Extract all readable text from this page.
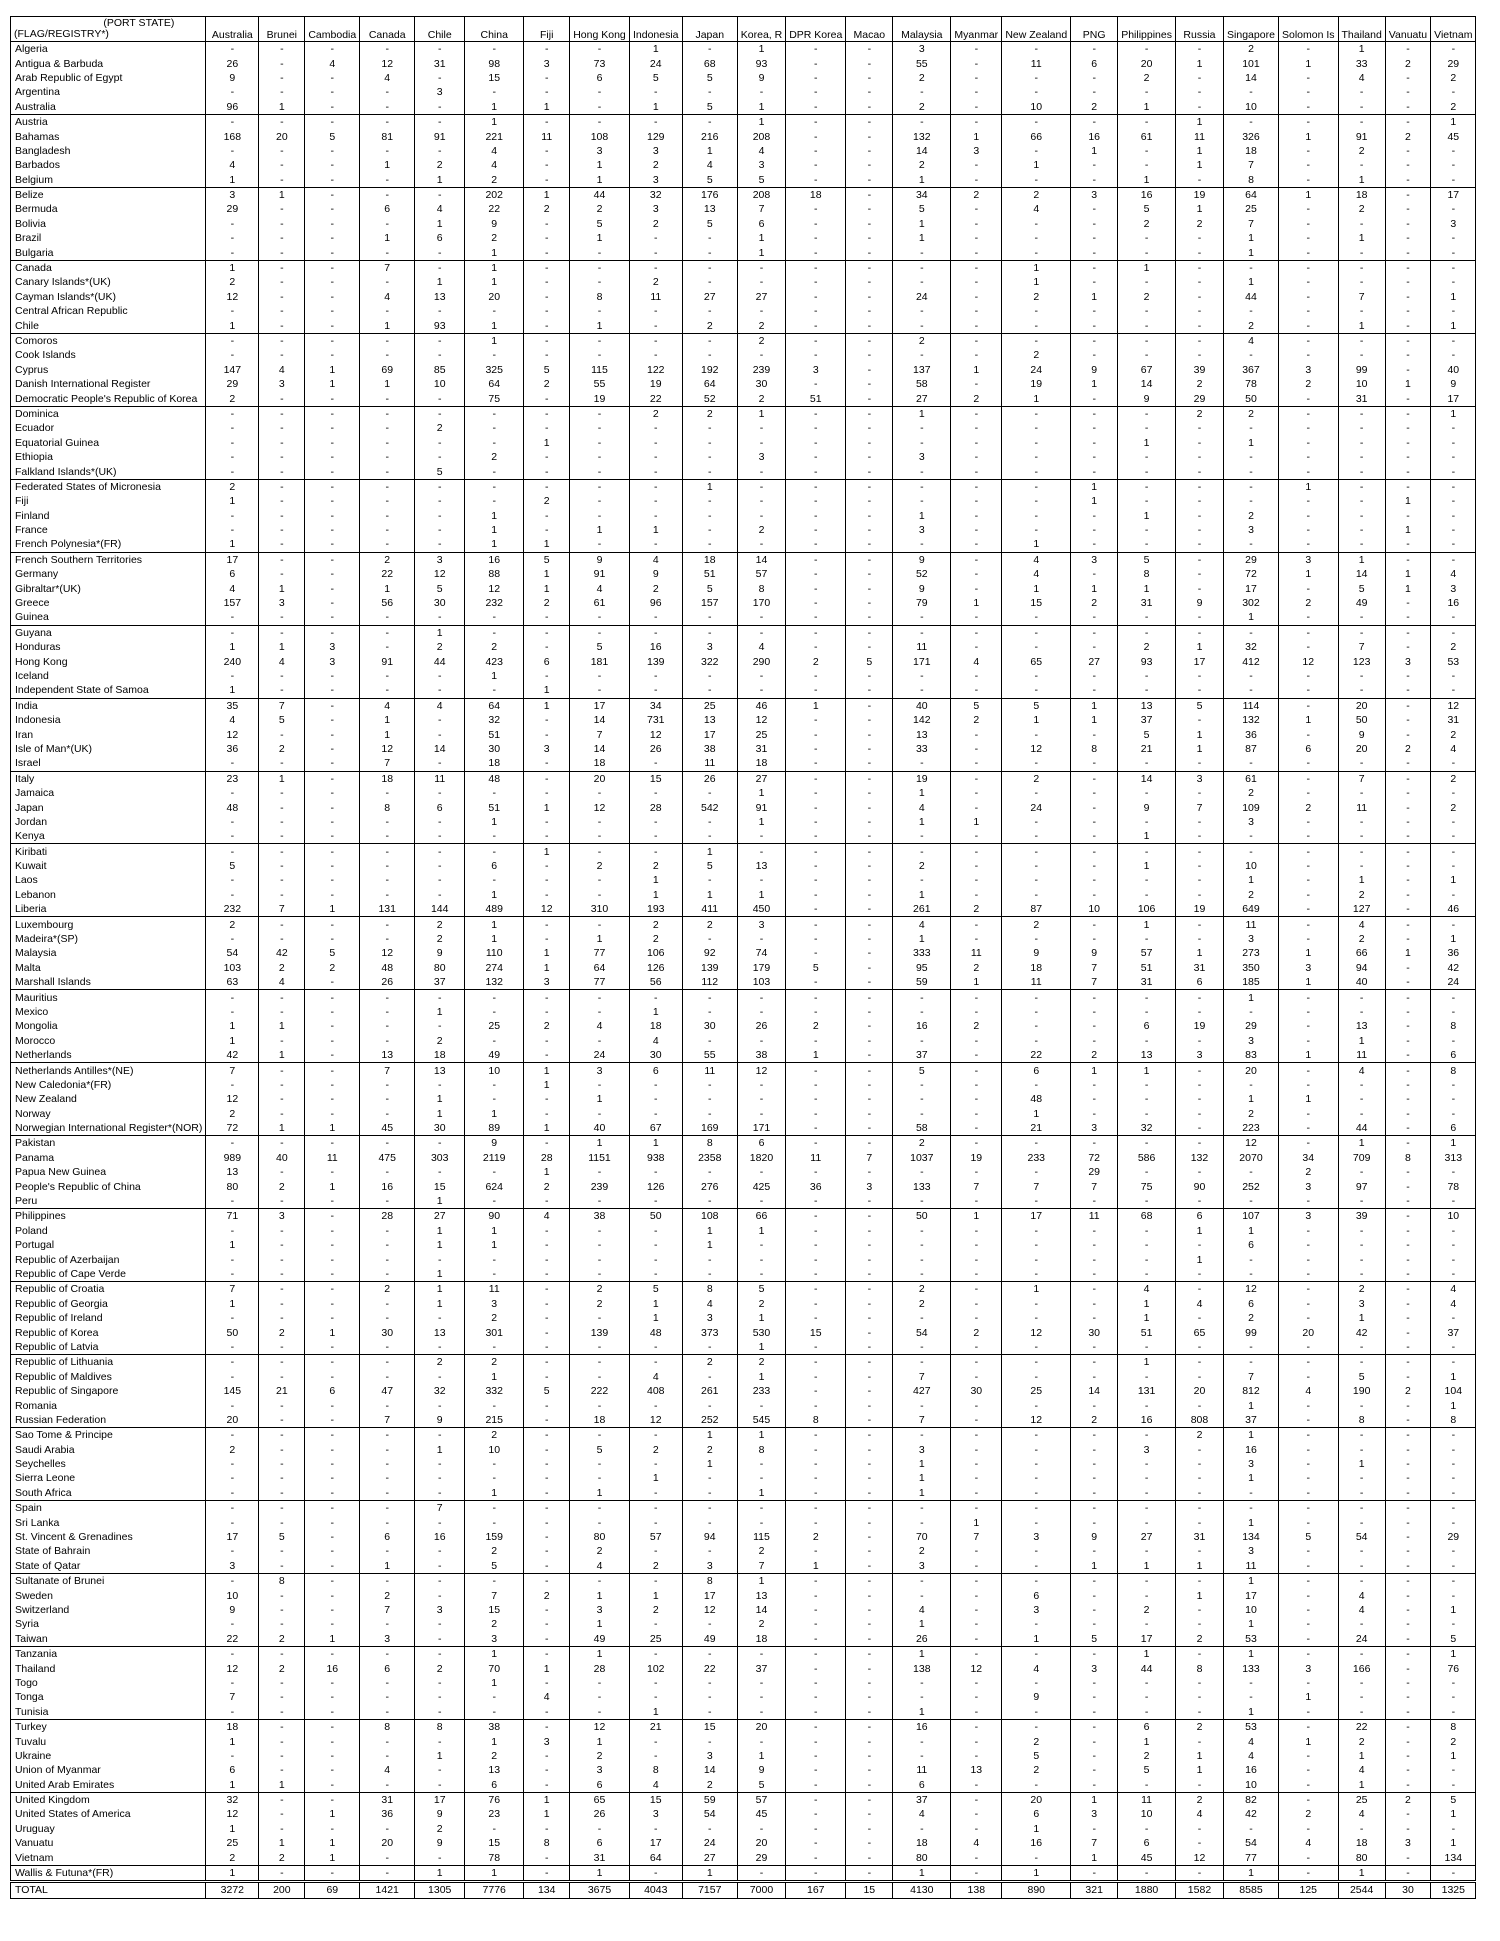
(PORT STATE)
(FLAG/REGISTRY*)	Australia	Brunei	Cambodia	Canada	Chile	China	Fiji	Hong Kong	Indonesia	Japan	Korea, R	DPR Korea	Macao	Malaysia	Myanmar	New Zealand	PNG	Philippines	Russia	Singapore	Solomon Is	Thailand	Vanuatu	Vietnam
Algeria	-	-	-	-	-	-	-	-	1	-	1	-	-	3	-	-	-	-	-	2	-	1	-	-
Antigua & Barbuda	26	-	4	12	31	98	3	73	24	68	93	-	-	55	-	11	6	20	1	101	1	33	2	29
Arab Republic of Egypt	9	-	-	4	-	15	-	6	5	5	9	-	-	2	-	-	-	2	-	14	-	4	-	2
Argentina	-	-	-	-	3	-	-	-	-	-	-	-	-	-	-	-	-	-	-	-	-	-	-	-
Australia	96	1	-	-	-	1	1	-	1	5	1	-	-	2	-	10	2	1	-	10	-	-	-	2
Austria	-	-	-	-	-	1	-	-	-	-	1	-	-	-	-	-	-	-	1	-	-	-	-	1
Bahamas	168	20	5	81	91	221	11	108	129	216	208	-	-	132	1	66	16	61	11	326	1	91	2	45
Bangladesh	-	-	-	-	-	4	-	3	3	1	4	-	-	14	3	-	1	-	1	18	-	2	-	-
Barbados	4	-	-	1	2	4	-	1	2	4	3	-	-	2	-	1	-	-	1	7	-	-	-	-
Belgium	1	-	-	-	1	2	-	1	3	5	5	-	-	1	-	-	-	1	-	8	-	1	-	-
Belize	3	1	-	-	-	202	1	44	32	176	208	18	-	34	2	2	3	16	19	64	1	18	-	17
Bermuda	29	-	-	6	4	22	2	2	3	13	7	-	-	5	-	4	-	5	1	25	-	2	-	-
Bolivia	-	-	-	-	1	9	-	5	2	5	6	-	-	1	-	-	-	2	2	7	-	-	-	3
Brazil	-	-	-	1	6	2	-	1	-	-	1	-	-	1	-	-	-	-	-	1	-	1	-	-
Bulgaria	-	-	-	-	-	1	-	-	-	-	1	-	-	-	-	-	-	-	-	1	-	-	-	-
Canada	1	-	-	7	-	1	-	-	-	-	-	-	-	-	-	1	-	1	-	-	-	-	-	-
Canary Islands*(UK)	2	-	-	-	1	1	-	-	2	-	-	-	-	-	-	1	-	-	-	1	-	-	-	-
Cayman Islands*(UK)	12	-	-	4	13	20	-	8	11	27	27	-	-	24	-	2	1	2	-	44	-	7	-	1
Central African Republic	-	-	-	-	-	-	-	-	-	-	-	-	-	-	-	-	-	-	-	-	-	-	-	-
Chile	1	-	-	1	93	1	-	1	-	2	2	-	-	-	-	-	-	-	-	2	-	1	-	1
Comoros	-	-	-	-	-	1	-	-	-	-	2	-	-	2	-	-	-	-	-	4	-	-	-	-
Cook Islands	-	-	-	-	-	-	-	-	-	-	-	-	-	-	-	2	-	-	-	-	-	-	-	-
Cyprus	147	4	1	69	85	325	5	115	122	192	239	3	-	137	1	24	9	67	39	367	3	99	-	40
Danish International Register	29	3	1	1	10	64	2	55	19	64	30	-	-	58	-	19	1	14	2	78	2	10	1	9
Democratic People's Republic of Korea	2	-	-	-	-	75	-	19	22	52	2	51	-	27	2	1	-	9	29	50	-	31	-	17
Dominica	-	-	-	-	-	-	-	-	2	2	1	-	-	1	-	-	-	-	2	2	-	-	-	1
Ecuador	-	-	-	-	2	-	-	-	-	-	-	-	-	-	-	-	-	-	-	-	-	-	-	-
Equatorial Guinea	-	-	-	-	-	-	1	-	-	-	-	-	-	-	-	-	-	1	-	1	-	-	-	-
Ethiopia	-	-	-	-	-	2	-	-	-	-	3	-	-	3	-	-	-	-	-	-	-	-	-	-
Falkland Islands*(UK)	-	-	-	-	5	-	-	-	-	-	-	-	-	-	-	-	-	-	-	-	-	-	-	-
Federated States of Micronesia	2	-	-	-	-	-	-	-	-	1	-	-	-	-	-	-	1	-	-	-	1	-	-	-
Fiji	1	-	-	-	-	-	2	-	-	-	-	-	-	-	-	-	1	-	-	-	-	-	1	-
Finland	-	-	-	-	-	1	-	-	-	-	-	-	-	1	-	-	-	1	-	2	-	-	-	-
France	-	-	-	-	-	1	-	1	1	-	2	-	-	3	-	-	-	-	-	3	-	-	1	-
French Polynesia*(FR)	1	-	-	-	-	1	1	-	-	-	-	-	-	-	-	1	-	-	-	-	-	-	-	-
French Southern Territories	17	-	-	2	3	16	5	9	4	18	14	-	-	9	-	4	3	5	-	29	3	1	-	-
Germany	6	-	-	22	12	88	1	91	9	51	57	-	-	52	-	4	-	8	-	72	1	14	1	4
Gibraltar*(UK)	4	1	-	1	5	12	1	4	2	5	8	-	-	9	-	1	1	1	-	17	-	5	1	3
Greece	157	3	-	56	30	232	2	61	96	157	170	-	-	79	1	15	2	31	9	302	2	49	-	16
Guinea	-	-	-	-	-	-	-	-	-	-	-	-	-	-	-	-	-	-	-	1	-	-	-	-
Guyana	-	-	-	-	1	-	-	-	-	-	-	-	-	-	-	-	-	-	-	-	-	-	-	-
Honduras	1	1	3	-	2	2	-	5	16	3	4	-	-	11	-	-	-	2	1	32	-	7	-	2
Hong Kong	240	4	3	91	44	423	6	181	139	322	290	2	5	171	4	65	27	93	17	412	12	123	3	53
Iceland	-	-	-	-	-	1	-	-	-	-	-	-	-	-	-	-	-	-	-	-	-	-	-	-
Independent State of Samoa	1	-	-	-	-	-	1	-	-	-	-	-	-	-	-	-	-	-	-	-	-	-	-	-
India	35	7	-	4	4	64	1	17	34	25	46	1	-	40	5	5	1	13	5	114	-	20	-	12
Indonesia	4	5	-	1	-	32	-	14	731	13	12	-	-	142	2	1	1	37	-	132	1	50	-	31
Iran	12	-	-	1	-	51	-	7	12	17	25	-	-	13	-	-	-	5	1	36	-	9	-	2
Isle of Man*(UK)	36	2	-	12	14	30	3	14	26	38	31	-	-	33	-	12	8	21	1	87	6	20	2	4
Israel	-	-	-	7	-	18	-	18	-	11	18	-	-	-	-	-	-	-	-	-	-	-	-	-
Italy	23	1	-	18	11	48	-	20	15	26	27	-	-	19	-	2	-	14	3	61	-	7	-	2
Jamaica	-	-	-	-	-	-	-	-	-	-	1	-	-	1	-	-	-	-	-	2	-	-	-	-
Japan	48	-	-	8	6	51	1	12	28	542	91	-	-	4	-	24	-	9	7	109	2	11	-	2
Jordan	-	-	-	-	-	1	-	-	-	-	1	-	-	1	1	-	-	-	-	3	-	-	-	-
Kenya	-	-	-	-	-	-	-	-	-	-	-	-	-	-	-	-	-	1	-	-	-	-	-	-
Kiribati	-	-	-	-	-	-	1	-	-	1	-	-	-	-	-	-	-	-	-	-	-	-	-	-
Kuwait	5	-	-	-	-	6	-	2	2	5	13	-	-	2	-	-	-	1	-	10	-	-	-	-
Laos	-	-	-	-	-	-	-	-	1	-	-	-	-	-	-	-	-	-	-	1	-	1	-	1
Lebanon	-	-	-	-	-	1	-	-	1	1	1	-	-	1	-	-	-	-	-	2	-	2	-	-
Liberia	232	7	1	131	144	489	12	310	193	411	450	-	-	261	2	87	10	106	19	649	-	127	-	46
Luxembourg	2	-	-	-	2	1	-	-	2	2	3	-	-	4	-	2	-	1	-	11	-	4	-	-
Madeira*(SP)	-	-	-	-	2	1	-	1	2	-	-	-	-	1	-	-	-	-	-	3	-	2	-	1
Malaysia	54	42	5	12	9	110	1	77	106	92	74	-	-	333	11	9	9	57	1	273	1	66	1	36
Malta	103	2	2	48	80	274	1	64	126	139	179	5	-	95	2	18	7	51	31	350	3	94	-	42
Marshall Islands	63	4	-	26	37	132	3	77	56	112	103	-	-	59	1	11	7	31	6	185	1	40	-	24
Mauritius	-	-	-	-	-	-	-	-	-	-	-	-	-	-	-	-	-	-	-	1	-	-	-	-
Mexico	-	-	-	-	1	-	-	-	1	-	-	-	-	-	-	-	-	-	-	-	-	-	-	-
Mongolia	1	1	-	-	-	25	2	4	18	30	26	2	-	16	2	-	-	6	19	29	-	13	-	8
Morocco	1	-	-	-	2	-	-	-	4	-	-	-	-	-	-	-	-	-	-	3	-	1	-	-
Netherlands	42	1	-	13	18	49	-	24	30	55	38	1	-	37	-	22	2	13	3	83	1	11	-	6
Netherlands Antilles*(NE)	7	-	-	7	13	10	1	3	6	11	12	-	-	5	-	6	1	1	-	20	-	4	-	8
New Caledonia*(FR)	-	-	-	-	-	-	1	-	-	-	-	-	-	-	-	-	-	-	-	-	-	-	-	-
New Zealand	12	-	-	-	1	-	-	1	-	-	-	-	-	-	-	48	-	-	-	1	1	-	-	-
Norway	2	-	-	-	1	1	-	-	-	-	-	-	-	-	-	1	-	-	-	2	-	-	-	-
Norwegian International Register*(NOR)	72	1	1	45	30	89	1	40	67	169	171	-	-	58	-	21	3	32	-	223	-	44	-	6
Pakistan	-	-	-	-	-	9	-	1	1	8	6	-	-	2	-	-	-	-	-	12	-	1	-	1
Panama	989	40	11	475	303	2119	28	1151	938	2358	1820	11	7	1037	19	233	72	586	132	2070	34	709	8	313
Papua New Guinea	13	-	-	-	-	-	1	-	-	-	-	-	-	-	-	-	29	-	-	-	2	-	-	-
People's Republic of China	80	2	1	16	15	624	2	239	126	276	425	36	3	133	7	7	7	75	90	252	3	97	-	78
Peru	-	-	-	-	1	-	-	-	-	-	-	-	-	-	-	-	-	-	-	-	-	-	-	-
Philippines	71	3	-	28	27	90	4	38	50	108	66	-	-	50	1	17	11	68	6	107	3	39	-	10
Poland	-	-	-	-	1	1	-	-	-	1	1	-	-	-	-	-	-	-	1	1	-	-	-	-
Portugal	1	-	-	-	1	1	-	-	-	1	-	-	-	-	-	-	-	-	-	6	-	-	-	-
Republic of Azerbaijan	-	-	-	-	-	-	-	-	-	-	-	-	-	-	-	-	-	-	1	-	-	-	-	-
Republic of Cape Verde	-	-	-	-	1	-	-	-	-	-	-	-	-	-	-	-	-	-	-	-	-	-	-	-
Republic of Croatia	7	-	-	2	1	11	-	2	5	8	5	-	-	2	-	1	-	4	-	12	-	2	-	4
Republic of Georgia	1	-	-	-	1	3	-	2	1	4	2	-	-	2	-	-	-	1	4	6	-	3	-	4
Republic of Ireland	-	-	-	-	-	2	-	-	1	3	1	-	-	-	-	-	-	1	-	2	-	1	-	-
Republic of Korea	50	2	1	30	13	301	-	139	48	373	530	15	-	54	2	12	30	51	65	99	20	42	-	37
Republic of Latvia	-	-	-	-	-	-	-	-	-	-	1	-	-	-	-	-	-	-	-	-	-	-	-	-
Republic of Lithuania	-	-	-	-	2	2	-	-	-	2	2	-	-	-	-	-	-	1	-	-	-	-	-	-
Republic of Maldives	-	-	-	-	-	1	-	-	4	-	1	-	-	7	-	-	-	-	-	7	-	5	-	1
Republic of Singapore	145	21	6	47	32	332	5	222	408	261	233	-	-	427	30	25	14	131	20	812	4	190	2	104
Romania	-	-	-	-	-	-	-	-	-	-	-	-	-	-	-	-	-	-	-	1	-	-	-	1
Russian Federation	20	-	-	7	9	215	-	18	12	252	545	8	-	7	-	12	2	16	808	37	-	8	-	8
Sao Tome & Principe	-	-	-	-	-	2	-	-	-	1	1	-	-	-	-	-	-	-	2	1	-	-	-	-
Saudi Arabia	2	-	-	-	1	10	-	5	2	2	8	-	-	3	-	-	-	3	-	16	-	-	-	-
Seychelles	-	-	-	-	-	-	-	-	-	1	-	-	-	1	-	-	-	-	-	3	-	1	-	-
Sierra Leone	-	-	-	-	-	-	-	-	1	-	-	-	-	1	-	-	-	-	-	1	-	-	-	-
South Africa	-	-	-	-	-	1	-	1	-	-	1	-	-	1	-	-	-	-	-	-	-	-	-	-
Spain	-	-	-	-	7	-	-	-	-	-	-	-	-	-	-	-	-	-	-	-	-	-	-	-
Sri Lanka	-	-	-	-	-	-	-	-	-	-	-	-	-	-	1	-	-	-	-	1	-	-	-	-
St. Vincent & Grenadines	17	5	-	6	16	159	-	80	57	94	115	2	-	70	7	3	9	27	31	134	5	54	-	29
State of Bahrain	-	-	-	-	-	2	-	2	-	-	2	-	-	2	-	-	-	-	-	3	-	-	-	-
State of Qatar	3	-	-	1	-	5	-	4	2	3	7	1	-	3	-	-	1	1	1	11	-	-	-	-
Sultanate of Brunei	-	8	-	-	-	-	-	-	-	8	1	-	-	-	-	-	-	-	-	1	-	-	-	-
Sweden	10	-	-	2	-	7	2	1	1	17	13	-	-	-	-	6	-	-	1	17	-	4	-	-
Switzerland	9	-	-	7	3	15	-	3	2	12	14	-	-	4	-	3	-	2	-	10	-	4	-	1
Syria	-	-	-	-	-	2	-	1	-	-	2	-	-	1	-	-	-	-	-	1	-	-	-	-
Taiwan	22	2	1	3	-	3	-	49	25	49	18	-	-	26	-	1	5	17	2	53	-	24	-	5
Tanzania	-	-	-	-	-	1	-	1	-	-	-	-	-	1	-	-	-	1	-	1	-	-	-	1
Thailand	12	2	16	6	2	70	1	28	102	22	37	-	-	138	12	4	3	44	8	133	3	166	-	76
Togo	-	-	-	-	-	1	-	-	-	-	-	-	-	-	-	-	-	-	-	-	-	-	-	-
Tonga	7	-	-	-	-	-	4	-	-	-	-	-	-	-	-	9	-	-	-	-	1	-	-	-
Tunisia	-	-	-	-	-	-	-	-	1	-	-	-	-	1	-	-	-	-	-	1	-	-	-	-
Turkey	18	-	-	8	8	38	-	12	21	15	20	-	-	16	-	-	-	6	2	53	-	22	-	8
Tuvalu	1	-	-	-	-	1	3	1	-	-	-	-	-	-	-	2	-	1	-	4	1	2	-	2
Ukraine	-	-	-	-	1	2	-	2	-	3	1	-	-	-	-	5	-	2	1	4	-	1	-	1
Union of Myanmar	6	-	-	4	-	13	-	3	8	14	9	-	-	11	13	2	-	5	1	16	-	4	-	-
United Arab Emirates	1	1	-	-	-	6	-	6	4	2	5	-	-	6	-	-	-	-	-	10	-	1	-	-
United Kingdom	32	-	-	31	17	76	1	65	15	59	57	-	-	37	-	20	1	11	2	82	-	25	2	5
United States of America	12	-	1	36	9	23	1	26	3	54	45	-	-	4	-	6	3	10	4	42	2	4	-	1
Uruguay	1	-	-	-	2	-	-	-	-	-	-	-	-	-	-	1	-	-	-	-	-	-	-	-
Vanuatu	25	1	1	20	9	15	8	6	17	24	20	-	-	18	4	16	7	6	-	54	4	18	3	1
Vietnam	2	2	1	-	-	78	-	31	64	27	29	-	-	80	-	-	1	45	12	77	-	80	-	134
Wallis & Futuna*(FR)	1	-	-	-	1	1	-	1	-	1	-	-	-	1	-	1	-	-	-	1	-	1	-	-
TOTAL	3272	200	69	1421	1305	7776	134	3675	4043	7157	7000	167	15	4130	138	890	321	1880	1582	8585	125	2544	30	1325
